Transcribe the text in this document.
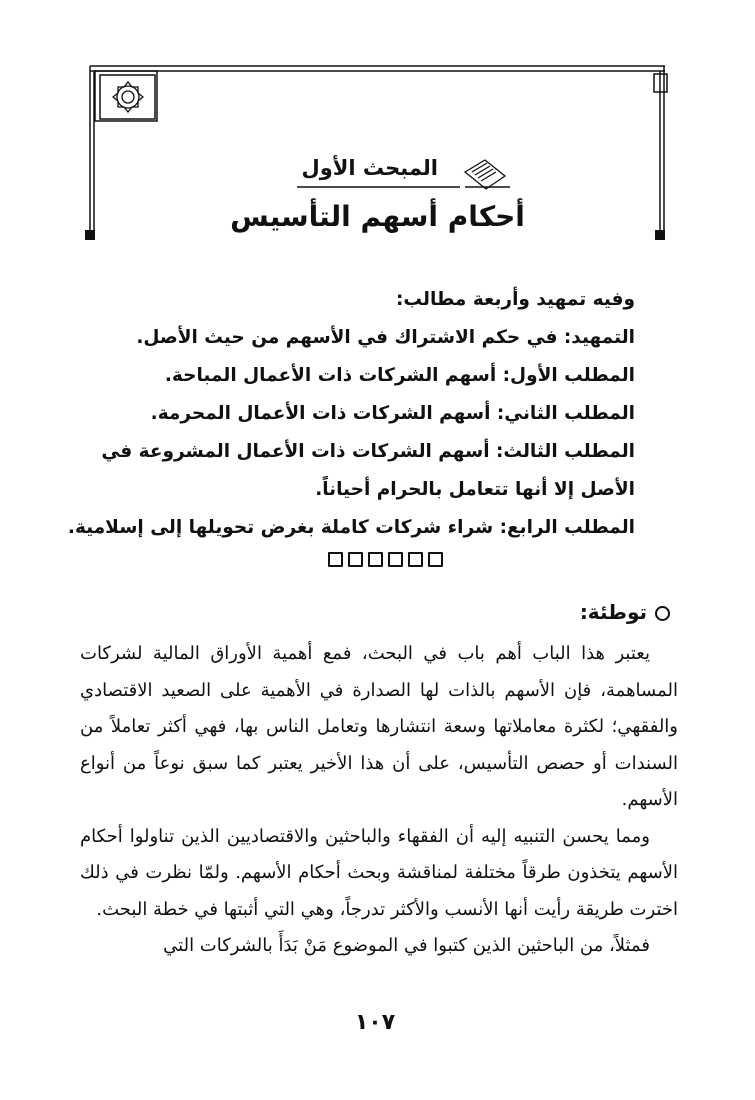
المبحث الأول
أحكام أسهم التأسيس

وفيه تمهيد وأربعة مطالب:

التمهيد: في حكم الاشتراك في الأسهم من حيث الأصل.

المطلب الأول: أسهم الشركات ذات الأعمال المباحة.

المطلب الثاني: أسهم الشركات ذات الأعمال المحرمة.

المطلب الثالث: أسهم الشركات ذات الأعمال المشروعة في الأصل إلا أنها تتعامل بالحرام أحياناً.

المطلب الرابع: شراء شركات كاملة بغرض تحويلها إلى إسلامية.

توطئة:

يعتبر هذا الباب أهم باب في البحث، فمع أهمية الأوراق المالية لشركات المساهمة، فإن الأسهم بالذات لها الصدارة في الأهمية على الصعيد الاقتصادي والفقهي؛ لكثرة معاملاتها وسعة انتشارها وتعامل الناس بها، فهي أكثر تعاملاً من السندات أو حصص التأسيس، على أن هذا الأخير يعتبر كما سبق نوعاً من أنواع الأسهم.

ومما يحسن التنبيه إليه أن الفقهاء والباحثين والاقتصاديين الذين تناولوا أحكام الأسهم يتخذون طرقاً مختلفة لمناقشة وبحث أحكام الأسهم. ولمّا نظرت في ذلك اخترت طريقة رأيت أنها الأنسب والأكثر تدرجاً، وهي التي أثبتها في خطة البحث.

فمثلاً، من الباحثين الذين كتبوا في الموضوع مَنْ بَدَأَ بالشركات التي

١٠٧
